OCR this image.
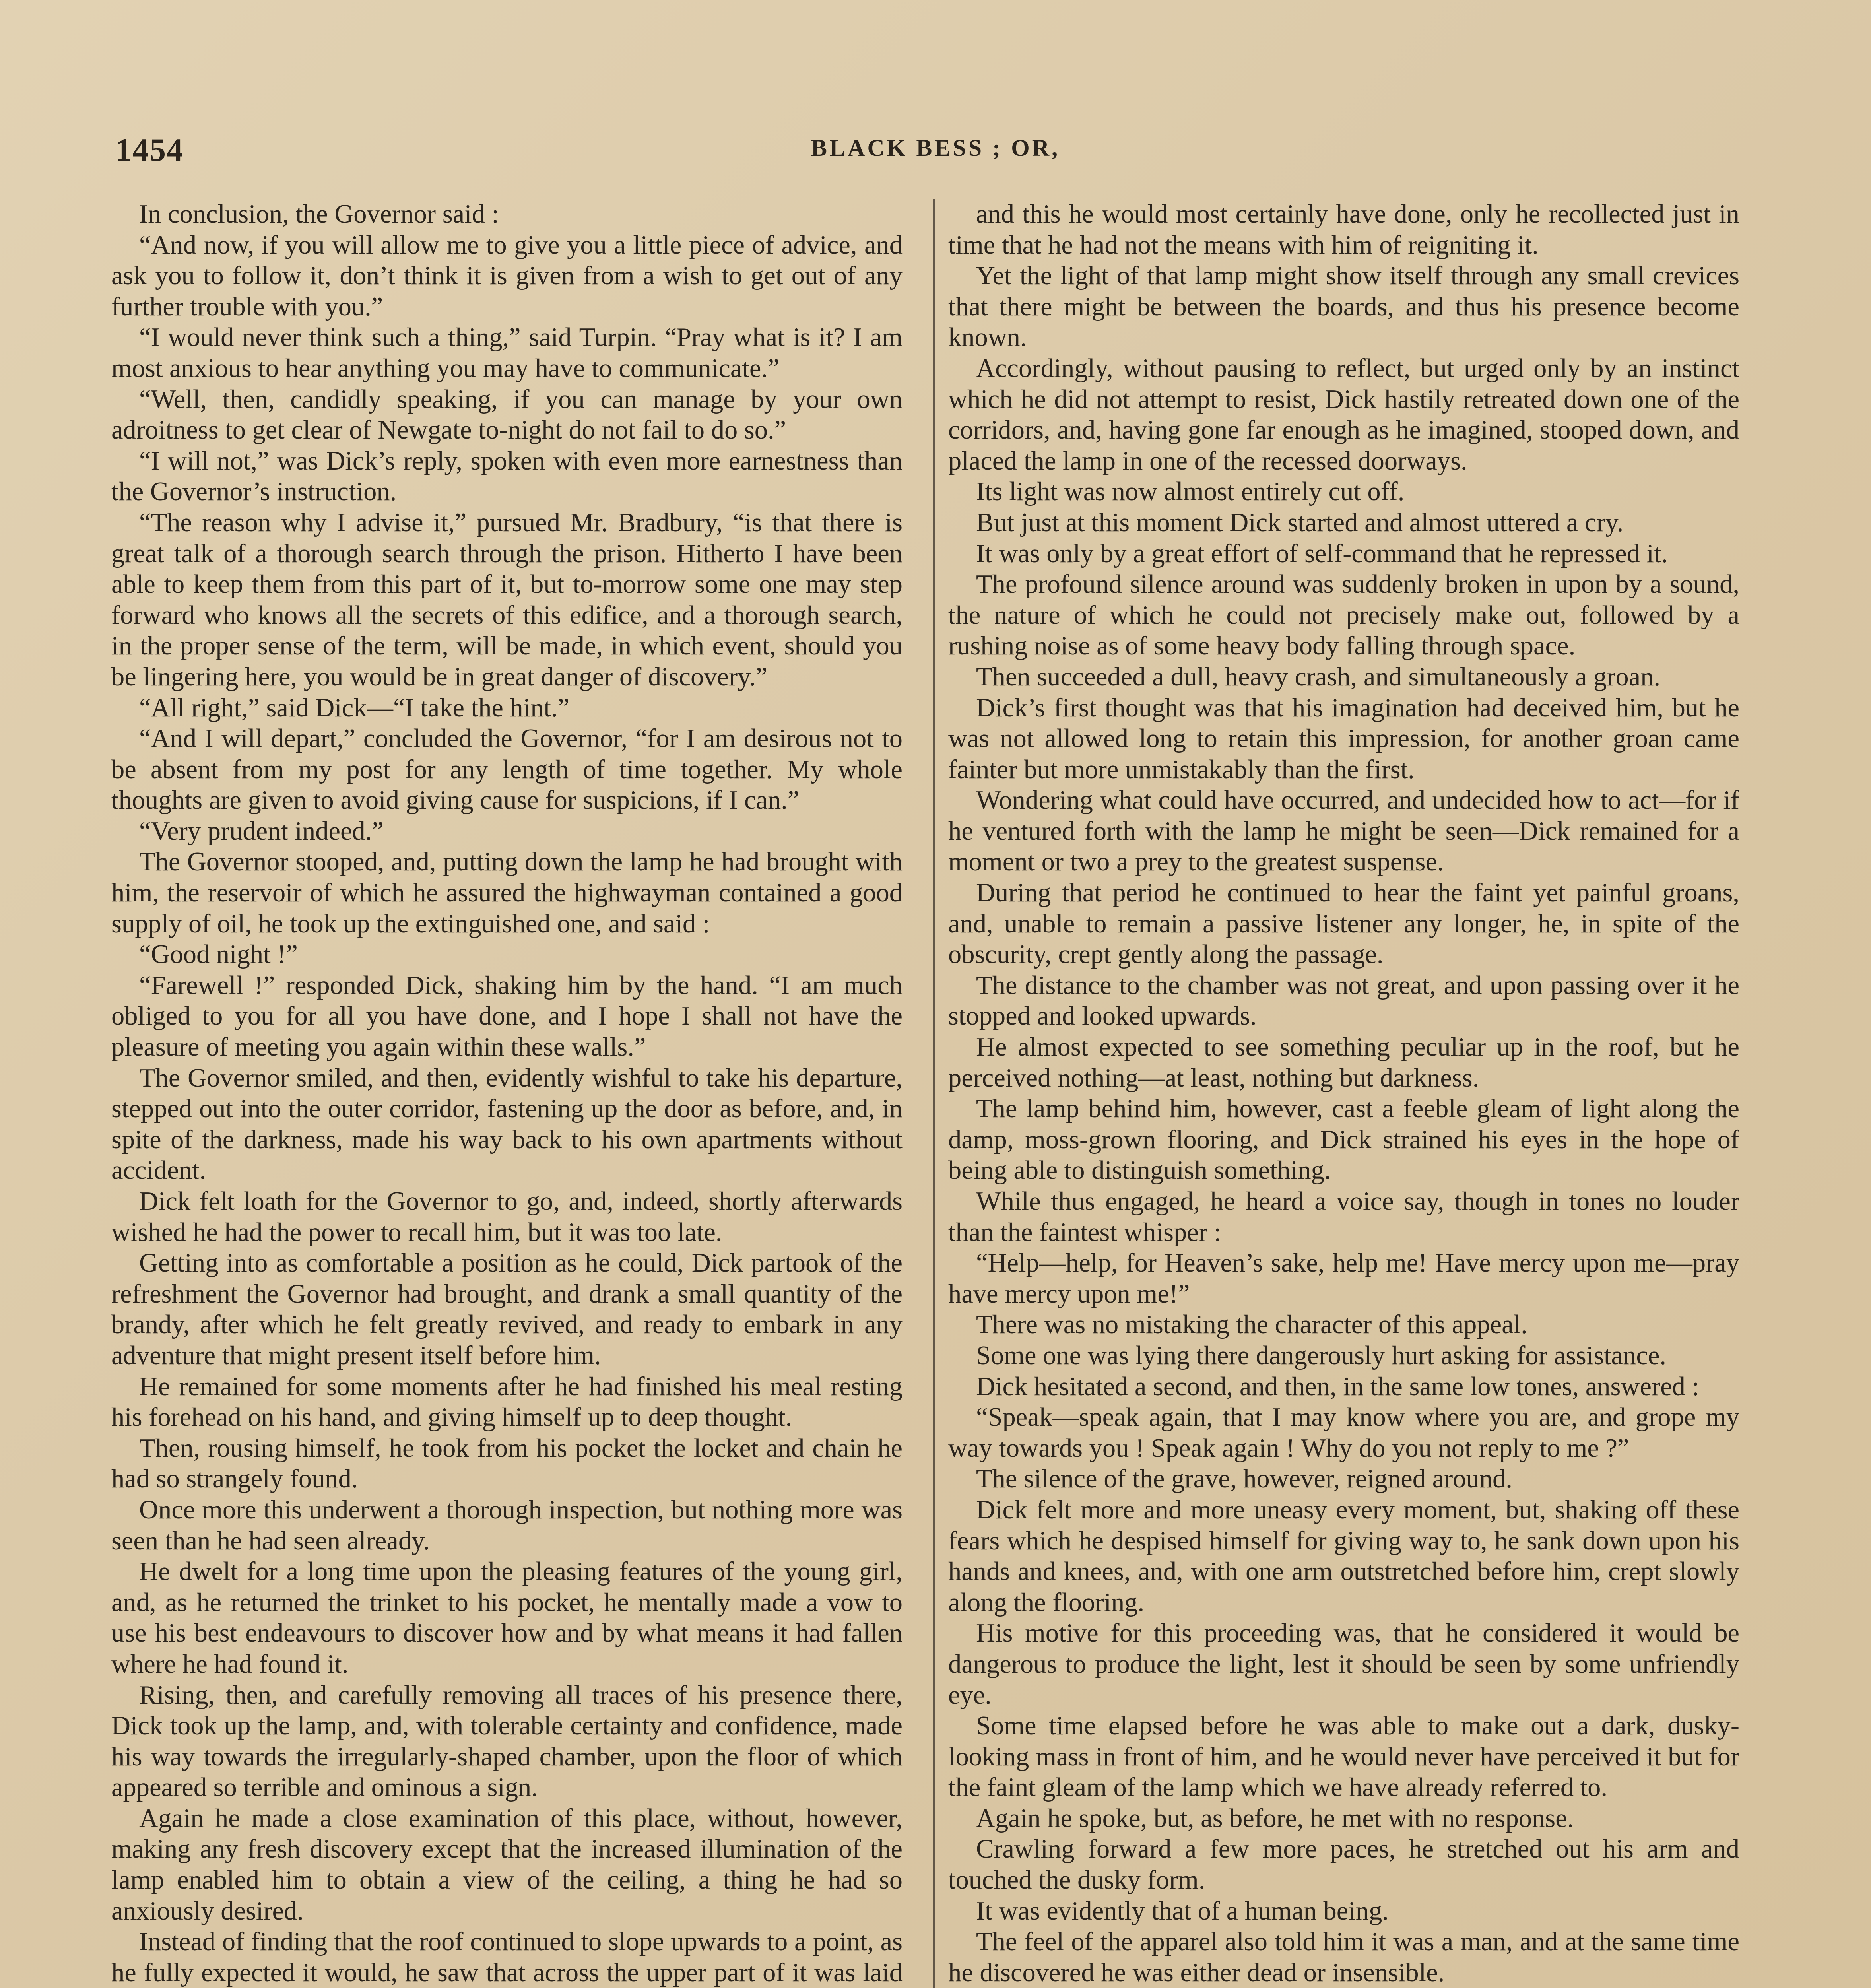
1454	BLACK BESS ; OR,

In conclusion, the Governor said :

“And now, if you will allow me to give you a little piece of advice, and ask you to follow it, don’t think it is given from a wish to get out of any further trouble with you.”

“I would never think such a thing,” said Turpin. “Pray what is it? I am most anxious to hear anything you may have to communicate.”

“Well, then, candidly speaking, if you can manage by your own adroitness to get clear of Newgate to-night do not fail to do so.”

“I will not,” was Dick’s reply, spoken with even more earnestness than the Governor’s instruction.

“The reason why I advise it,” pursued Mr. Bradbury, “is that there is great talk of a thorough search through the prison. Hitherto I have been able to keep them from this part of it, but to-morrow some one may step forward who knows all the secrets of this edifice, and a thorough search, in the proper sense of the term, will be made, in which event, should you be lingering here, you would be in great danger of discovery.”

“All right,” said Dick—“I take the hint.”

“And I will depart,” concluded the Governor, “for I am desirous not to be absent from my post for any length of time together. My whole thoughts are given to avoid giving cause for suspicions, if I can.”

“Very prudent indeed.”

The Governor stooped, and, putting down the lamp he had brought with him, the reservoir of which he assured the highwayman contained a good supply of oil, he took up the extinguished one, and said :

“Good night !”

“Farewell !” responded Dick, shaking him by the hand. “I am much obliged to you for all you have done, and I hope I shall not have the pleasure of meeting you again within these walls.”

The Governor smiled, and then, evidently wishful to take his departure, stepped out into the outer corridor, fastening up the door as before, and, in spite of the darkness, made his way back to his own apartments without accident.

Dick felt loath for the Governor to go, and, indeed, shortly afterwards wished he had the power to recall him, but it was too late.

Getting into as comfortable a position as he could, Dick partook of the refreshment the Governor had brought, and drank a small quantity of the brandy, after which he felt greatly revived, and ready to embark in any adventure that might present itself before him.

He remained for some moments after he had finished his meal resting his forehead on his hand, and giving himself up to deep thought.

Then, rousing himself, he took from his pocket the locket and chain he had so strangely found.

Once more this underwent a thorough inspection, but nothing more was seen than he had seen already.

He dwelt for a long time upon the pleasing features of the young girl, and, as he returned the trinket to his pocket, he mentally made a vow to use his best endeavours to discover how and by what means it had fallen where he had found it.

Rising, then, and carefully removing all traces of his presence there, Dick took up the lamp, and, with tolerable certainty and confidence, made his way towards the irregularly-shaped chamber, upon the floor of which appeared so terrible and ominous a sign.

Again he made a close examination of this place, without, however, making any fresh discovery except that the increased illumination of the lamp enabled him to obtain a view of the ceiling, a thing he had so anxiously desired.

Instead of finding that the roof continued to slope upwards to a point, as he fully expected it would, he saw that across the upper part of it was laid

and this he would most certainly have done, only he recollected just in time that he had not the means with him of reigniting it.

Yet the light of that lamp might show itself through any small crevices that there might be between the boards, and thus his presence become known.

Accordingly, without pausing to reflect, but urged only by an instinct which he did not attempt to resist, Dick hastily retreated down one of the corridors, and, having gone far enough as he imagined, stooped down, and placed the lamp in one of the recessed doorways.

Its light was now almost entirely cut off.

But just at this moment Dick started and almost uttered a cry.

It was only by a great effort of self-command that he repressed it.

The profound silence around was suddenly broken in upon by a sound, the nature of which he could not precisely make out, followed by a rushing noise as of some heavy body falling through space.

Then succeeded a dull, heavy crash, and simultaneously a groan.

Dick’s first thought was that his imagination had deceived him, but he was not allowed long to retain this impression, for another groan came fainter but more unmistakably than the first.

Wondering what could have occurred, and undecided how to act—for if he ventured forth with the lamp he might be seen—Dick remained for a moment or two a prey to the greatest suspense.

During that period he continued to hear the faint yet painful groans, and, unable to remain a passive listener any longer, he, in spite of the obscurity, crept gently along the passage.

The distance to the chamber was not great, and upon passing over it he stopped and looked upwards.

He almost expected to see something peculiar up in the roof, but he perceived nothing—at least, nothing but darkness.

The lamp behind him, however, cast a feeble gleam of light along the damp, moss-grown flooring, and Dick strained his eyes in the hope of being able to distinguish something.

While thus engaged, he heard a voice say, though in tones no louder than the faintest whisper :

“Help—help, for Heaven’s sake, help me! Have mercy upon me—pray have mercy upon me!”

There was no mistaking the character of this appeal.

Some one was lying there dangerously hurt asking for assistance.

Dick hesitated a second, and then, in the same low tones, answered :

“Speak—speak again, that I may know where you are, and grope my way towards you ! Speak again ! Why do you not reply to me ?”

The silence of the grave, however, reigned around.

Dick felt more and more uneasy every moment, but, shaking off these fears which he despised himself for giving way to, he sank down upon his hands and knees, and, with one arm outstretched before him, crept slowly along the flooring.

His motive for this proceeding was, that he considered it would be dangerous to produce the light, lest it should be seen by some unfriendly eye.

Some time elapsed before he was able to make out a dark, dusky-looking mass in front of him, and he would never have perceived it but for the faint gleam of the lamp which we have already referred to.

Again he spoke, but, as before, he met with no response.

Crawling forward a few more paces, he stretched out his arm and touched the dusky form.

It was evidently that of a human being.

The feel of the apparel also told him it was a man, and at the same time he discovered he was either dead or insensible.
